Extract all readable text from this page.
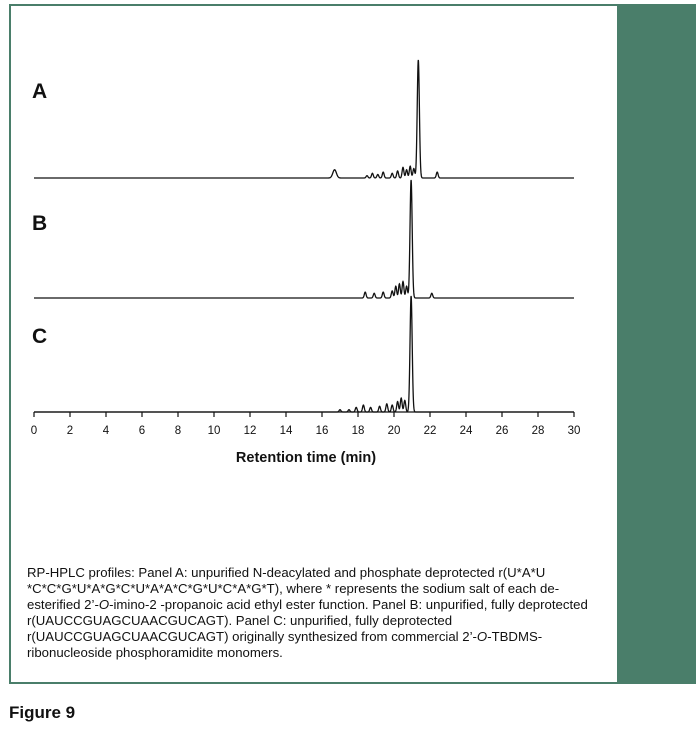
A
B
C
0	2	4	6	8 10 12 14 16 18 20 22 24 26 28 30
Retention time (min)

RP-HPLC profiles: Panel A: unpurified N-deacylated and phosphate deprotected r(U*A*U *C*C*G*U*A*G*C*U*A*A*C*G*U*C*A*G*T), where * represents the sodium salt of each de-esterified 2’-O-imino-2 -propanoic acid ethyl ester function. Panel B: unpurified, fully deprotected r(UAUCCGUAGCUAACGUCAGT). Panel C: unpurified, fully deprotected r(UAUCCGUAGCUAACGUCAGT) originally synthesized from commercial 2’-O-TBDMS-ribonucleoside phosphoramidite monomers.

Figure 9
